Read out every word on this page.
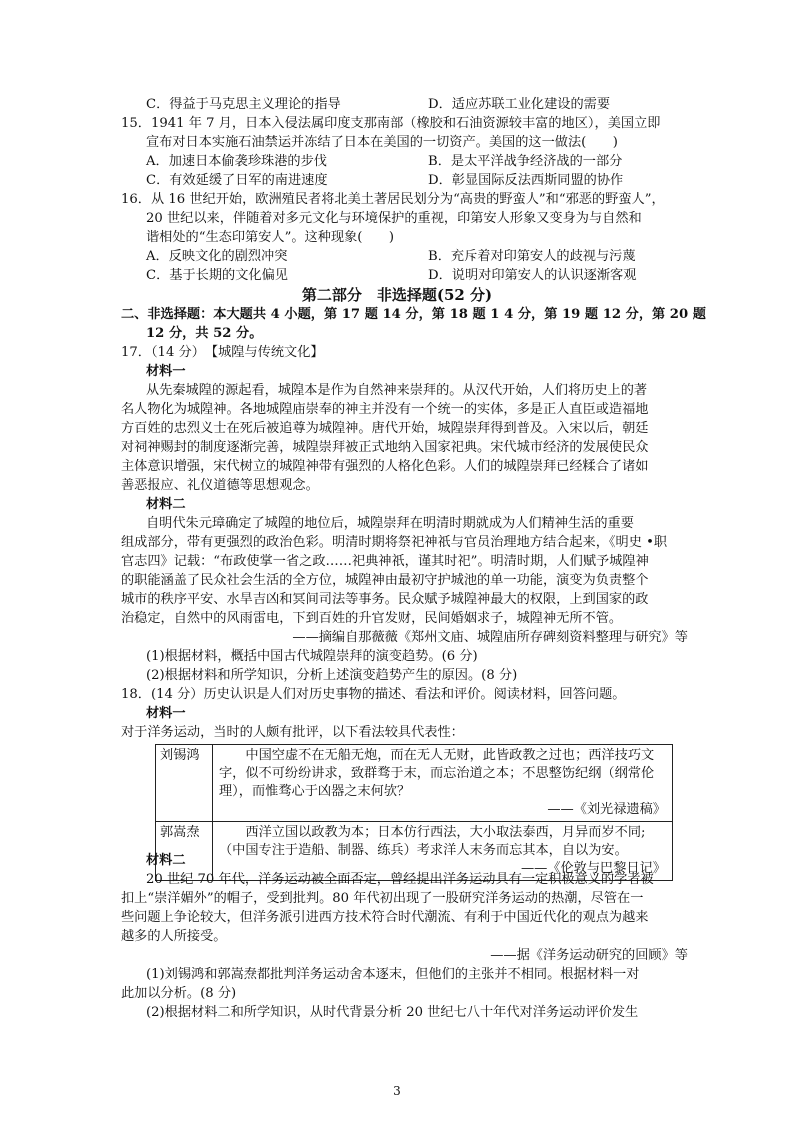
C．得益于马克思主义理论的指导	D．适应苏联工业化建设的需要
15．1941 年 7 月，日本入侵法属印度支那南部（橡胶和石油资源较丰富的地区），美国立即
宣布对日本实施石油禁运并冻结了日本在美国的一切资产。美国的这一做法(　　)
A．加速日本偷袭珍珠港的步伐	B．是太平洋战争经济战的一部分
C．有效延缓了日军的南进速度	D．彰显国际反法西斯同盟的协作
16．从 16 世纪开始，欧洲殖民者将北美土著居民划分为“高贵的野蛮人”和“邪恶的野蛮人”，
20 世纪以来，伴随着对多元文化与环境保护的重视，印第安人形象又变身为与自然和
谐相处的“生态印第安人”。这种现象(　　)
A．反映文化的剧烈冲突	B．充斥着对印第安人的歧视与污蔑
C．基于长期的文化偏见	D．说明对印第安人的认识逐渐客观
第二部分　非选择题(52 分)
二、非选择题：本大题共 4 小题，第 17 题 14 分，第 18 题 1 4 分，第 19 题 12 分，第 20 题
12 分，共 52 分。
17．（14 分）　【城隍与传统文化】
材料一
从先秦城隍的源起看，城隍本是作为自然神来崇拜的。从汉代开始，人们将历史上的著
名人物化为城隍神。各地城隍庙崇奉的神主并没有一个统一的实体，多是正人直臣或造福地
方百姓的忠烈义士在死后被追尊为城隍神。唐代开始，城隍崇拜得到普及。入宋以后，朝廷
对祠神赐封的制度逐渐完善，城隍崇拜被正式地纳入国家祀典。宋代城市经济的发展使民众
主体意识增强，宋代树立的城隍神带有强烈的人格化色彩。人们的城隍崇拜已经糅合了诸如
善恶报应、礼仪道德等思想观念。
材料二
自明代朱元璋确定了城隍的地位后，城隍崇拜在明清时期就成为人们精神生活的重要
组成部分，带有更强烈的政治色彩。明清时期将祭祀神祇与官员治理地方结合起来，《明史 •职
官志四》记载：“布政使掌一省之政……祀典神祇，谨其时祀”。明清时期，人们赋予城隍神
的职能涵盖了民众社会生活的全方位，城隍神由最初守护城池的单一功能，演变为负责整个
城市的秩序平安、水旱吉凶和冥间司法等事务。民众赋予城隍神最大的权限，上到国家的政
治稳定，自然中的风雨雷电，下到百姓的升官发财，民间婚姻求子，城隍神无所不管。
——摘编自那薇薇《郑州文庙、城隍庙所存碑刻资料整理与研究》等
(1)根据材料，概括中国古代城隍崇拜的演变趋势。(6 分)
(2)根据材料和所学知识，分析上述演变趋势产生的原因。(8 分)
18．(14 分）历史认识是人们对历史事物的描述、看法和评价。阅读材料，回答问题。
材料一
对于洋务运动，当时的人颇有批评，以下看法较具代表性：
刘锡鸿	中国空虚不在无船无炮，而在无人无财，此皆政教之过也；西洋技巧文字，似不可纷纷讲求，致群骛于末，而忘治道之本；不思整饬纪纲（纲常伦理），而惟骛心于凶器之末何欤？
——《刘光禄遗稿》

郭嵩焘	西洋立国以政教为本；日本仿行西法，大小取法泰西，月异而岁不同;（中国专注于造船、制器、练兵）考求洋人末务而忘其本，自以为安。
——《伦敦与巴黎日记》
材料二
20 世纪 70 年代，洋务运动被全面否定，曾经提出洋务运动具有一定积极意义的学者被
扣上“崇洋媚外”的帽子，受到批判。80 年代初出现了一股研究洋务运动的热潮，尽管在一
些问题上争论较大，但洋务派引进西方技术符合时代潮流、有利于中国近代化的观点为越来
越多的人所接受。
——据《洋务运动研究的回顾》等
(1)刘锡鸿和郭嵩焘都批判洋务运动舍本逐末，但他们的主张并不相同。根据材料一对
此加以分析。(8 分)
(2)根据材料二和所学知识，从时代背景分析 20 世纪七八十年代对洋务运动评价发生
3
